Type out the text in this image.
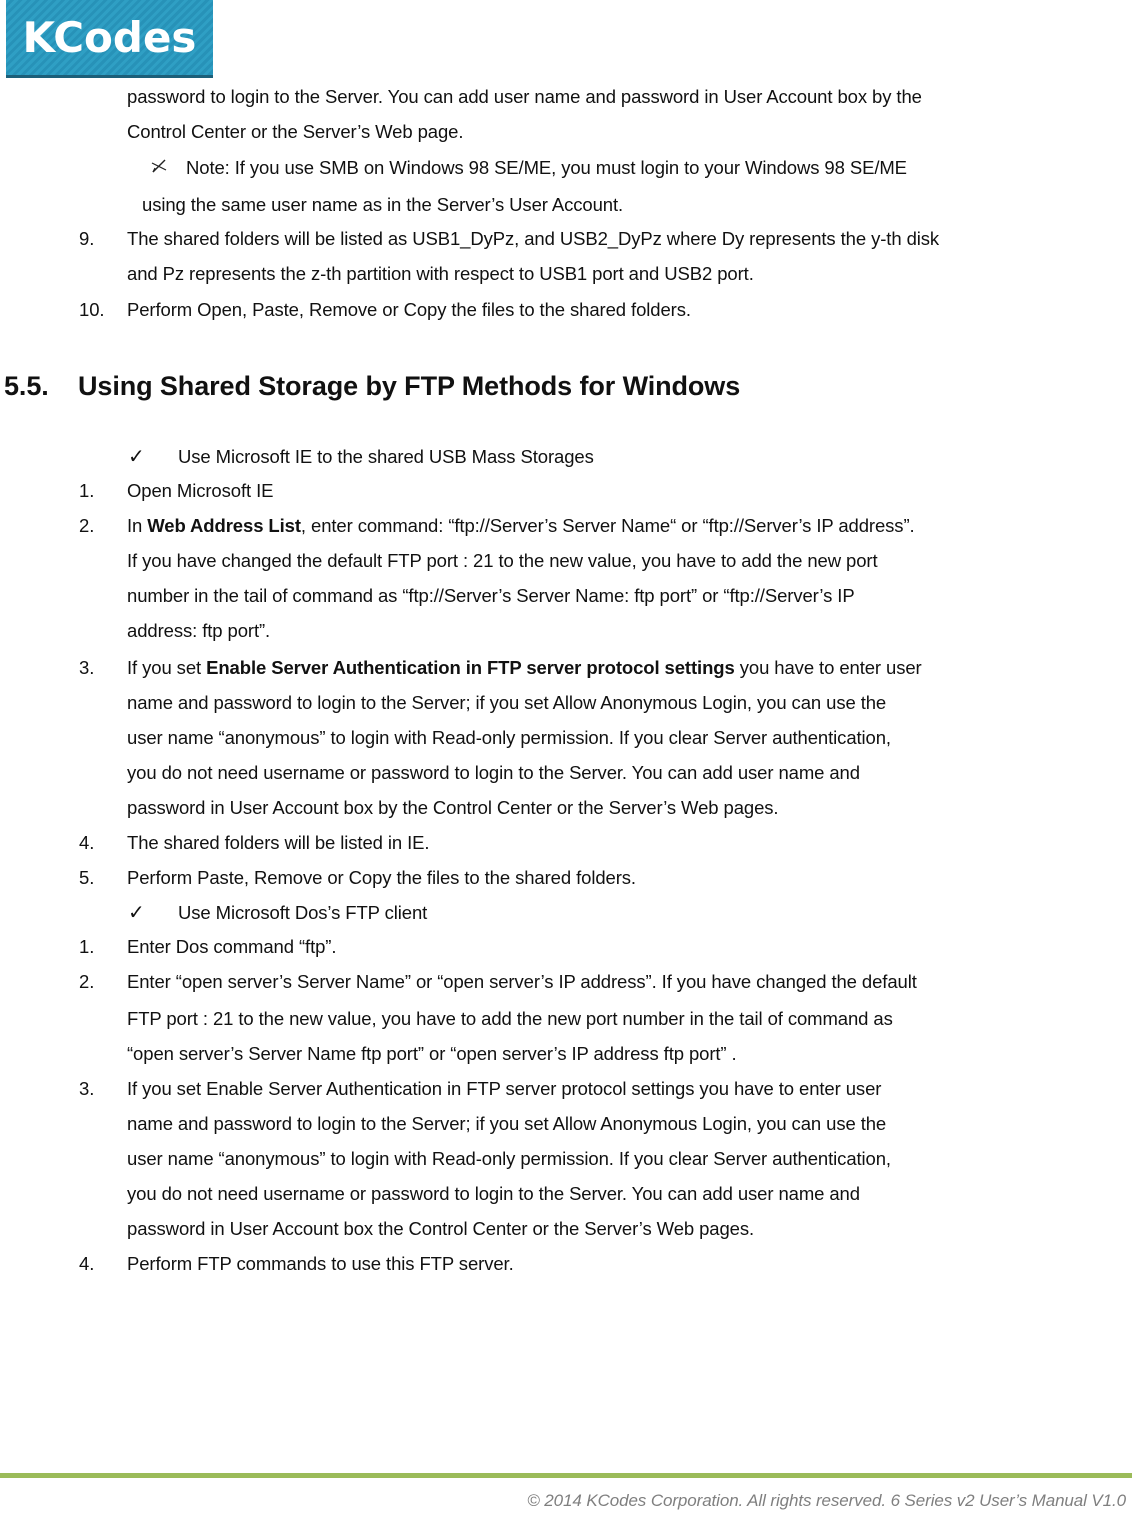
KCodes
password to login to the Server. You can add user name and password in User Account box by the
Control Center or the Server’s Web page.
Note: If you use SMB on Windows 98 SE/ME, you must login to your Windows 98 SE/ME
using the same user name as in the Server’s User Account.
9. The shared folders will be listed as USB1_DyPz, and USB2_DyPz where Dy represents the y-th disk
and Pz represents the z-th partition with respect to USB1 port and USB2 port.
10. Perform Open, Paste, Remove or Copy the files to the shared folders.
5.5. Using Shared Storage by FTP Methods for Windows
✓ Use Microsoft IE to the shared USB Mass Storages
1. Open Microsoft IE
2. In Web Address List, enter command: “ftp://Server’s Server Name“ or “ftp://Server’s IP address”.
If you have changed the default FTP port : 21 to the new value, you have to add the new port
number in the tail of command as “ftp://Server’s Server Name: ftp port” or “ftp://Server’s IP
address: ftp port”.
3. If you set Enable Server Authentication in FTP server protocol settings you have to enter user
name and password to login to the Server; if you set Allow Anonymous Login, you can use the
user name “anonymous” to login with Read-only permission. If you clear Server authentication,
you do not need username or password to login to the Server. You can add user name and
password in User Account box by the Control Center or the Server’s Web pages.
4. The shared folders will be listed in IE.
5. Perform Paste, Remove or Copy the files to the shared folders.
✓ Use Microsoft Dos’s FTP client
1. Enter Dos command “ftp”.
2. Enter “open server’s Server Name” or “open server’s IP address”. If you have changed the default
FTP port : 21 to the new value, you have to add the new port number in the tail of command as
“open server’s Server Name ftp port” or “open server’s IP address ftp port” .
3. If you set Enable Server Authentication in FTP server protocol settings you have to enter user
name and password to login to the Server; if you set Allow Anonymous Login, you can use the
user name “anonymous” to login with Read-only permission. If you clear Server authentication,
you do not need username or password to login to the Server. You can add user name and
password in User Account box the Control Center or the Server’s Web pages.
4. Perform FTP commands to use this FTP server.
© 2014 KCodes Corporation. All rights reserved. 6 Series v2 User’s Manual V1.0
